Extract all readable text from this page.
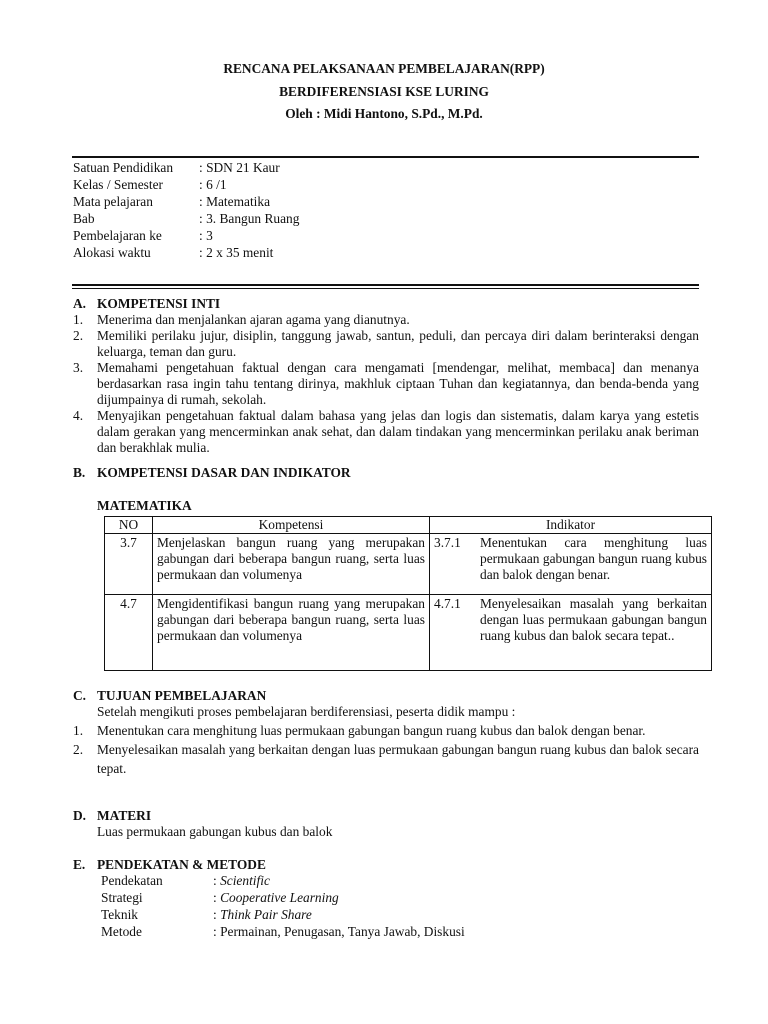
RENCANA PELAKSANAAN PEMBELAJARAN(RPP)
BERDIFERENSIASI KSE LURING
Oleh : Midi Hantono, S.Pd., M.Pd.
Satuan Pendidikan : SDN 21 Kaur
Kelas / Semester	: 6 /1
Mata pelajaran	: Matematika
Bab	: 3. Bangun Ruang
Pembelajaran ke	: 3
Alokasi waktu	: 2 x 35 menit
A. KOMPETENSI INTI
1. Menerima dan menjalankan ajaran agama yang dianutnya.
2. Memiliki perilaku jujur, disiplin, tanggung jawab, santun, peduli, dan percaya diri dalam berinteraksi dengan keluarga, teman dan guru.
3. Memahami pengetahuan faktual dengan cara mengamati [mendengar, melihat, membaca] dan menanya berdasarkan rasa ingin tahu tentang dirinya, makhluk ciptaan Tuhan dan kegiatannya, dan benda-benda yang dijumpainya di rumah, sekolah.
4. Menyajikan pengetahuan faktual dalam bahasa yang jelas dan logis dan sistematis, dalam karya yang estetis dalam gerakan yang mencerminkan anak sehat, dan dalam tindakan yang mencerminkan perilaku anak beriman dan berakhlak mulia.
B. KOMPETENSI DASAR DAN INDIKATOR
MATEMATIKA
NO	Kompetensi	Indikator
3.7	Menjelaskan bangun ruang yang merupakan gabungan dari beberapa bangun ruang, serta luas permukaan dan volumenya	3.7.1 Menentukan cara menghitung luas permukaan gabungan bangun ruang kubus dan balok dengan benar.

4.7	Mengidentifikasi bangun ruang yang merupakan gabungan dari beberapa bangun ruang, serta luas permukaan dan volumenya	4.7.1 Menyelesaikan masalah yang berkaitan dengan luas permukaan gabungan bangun ruang kubus dan balok secara tepat..
C. TUJUAN PEMBELAJARAN
Setelah mengikuti proses pembelajaran berdiferensiasi, peserta didik mampu :
1. Menentukan cara menghitung luas permukaan gabungan bangun ruang kubus dan balok dengan benar.
2. Menyelesaikan masalah yang berkaitan dengan luas permukaan gabungan bangun ruang kubus dan balok secara tepat.
D. MATERI
Luas permukaan gabungan kubus dan balok
E. PENDEKATAN & METODE
Pendekatan	: Scientific
Strategi	: Cooperative Learning
Teknik	: Think Pair Share
Metode	: Permainan, Penugasan, Tanya Jawab, Diskusi
